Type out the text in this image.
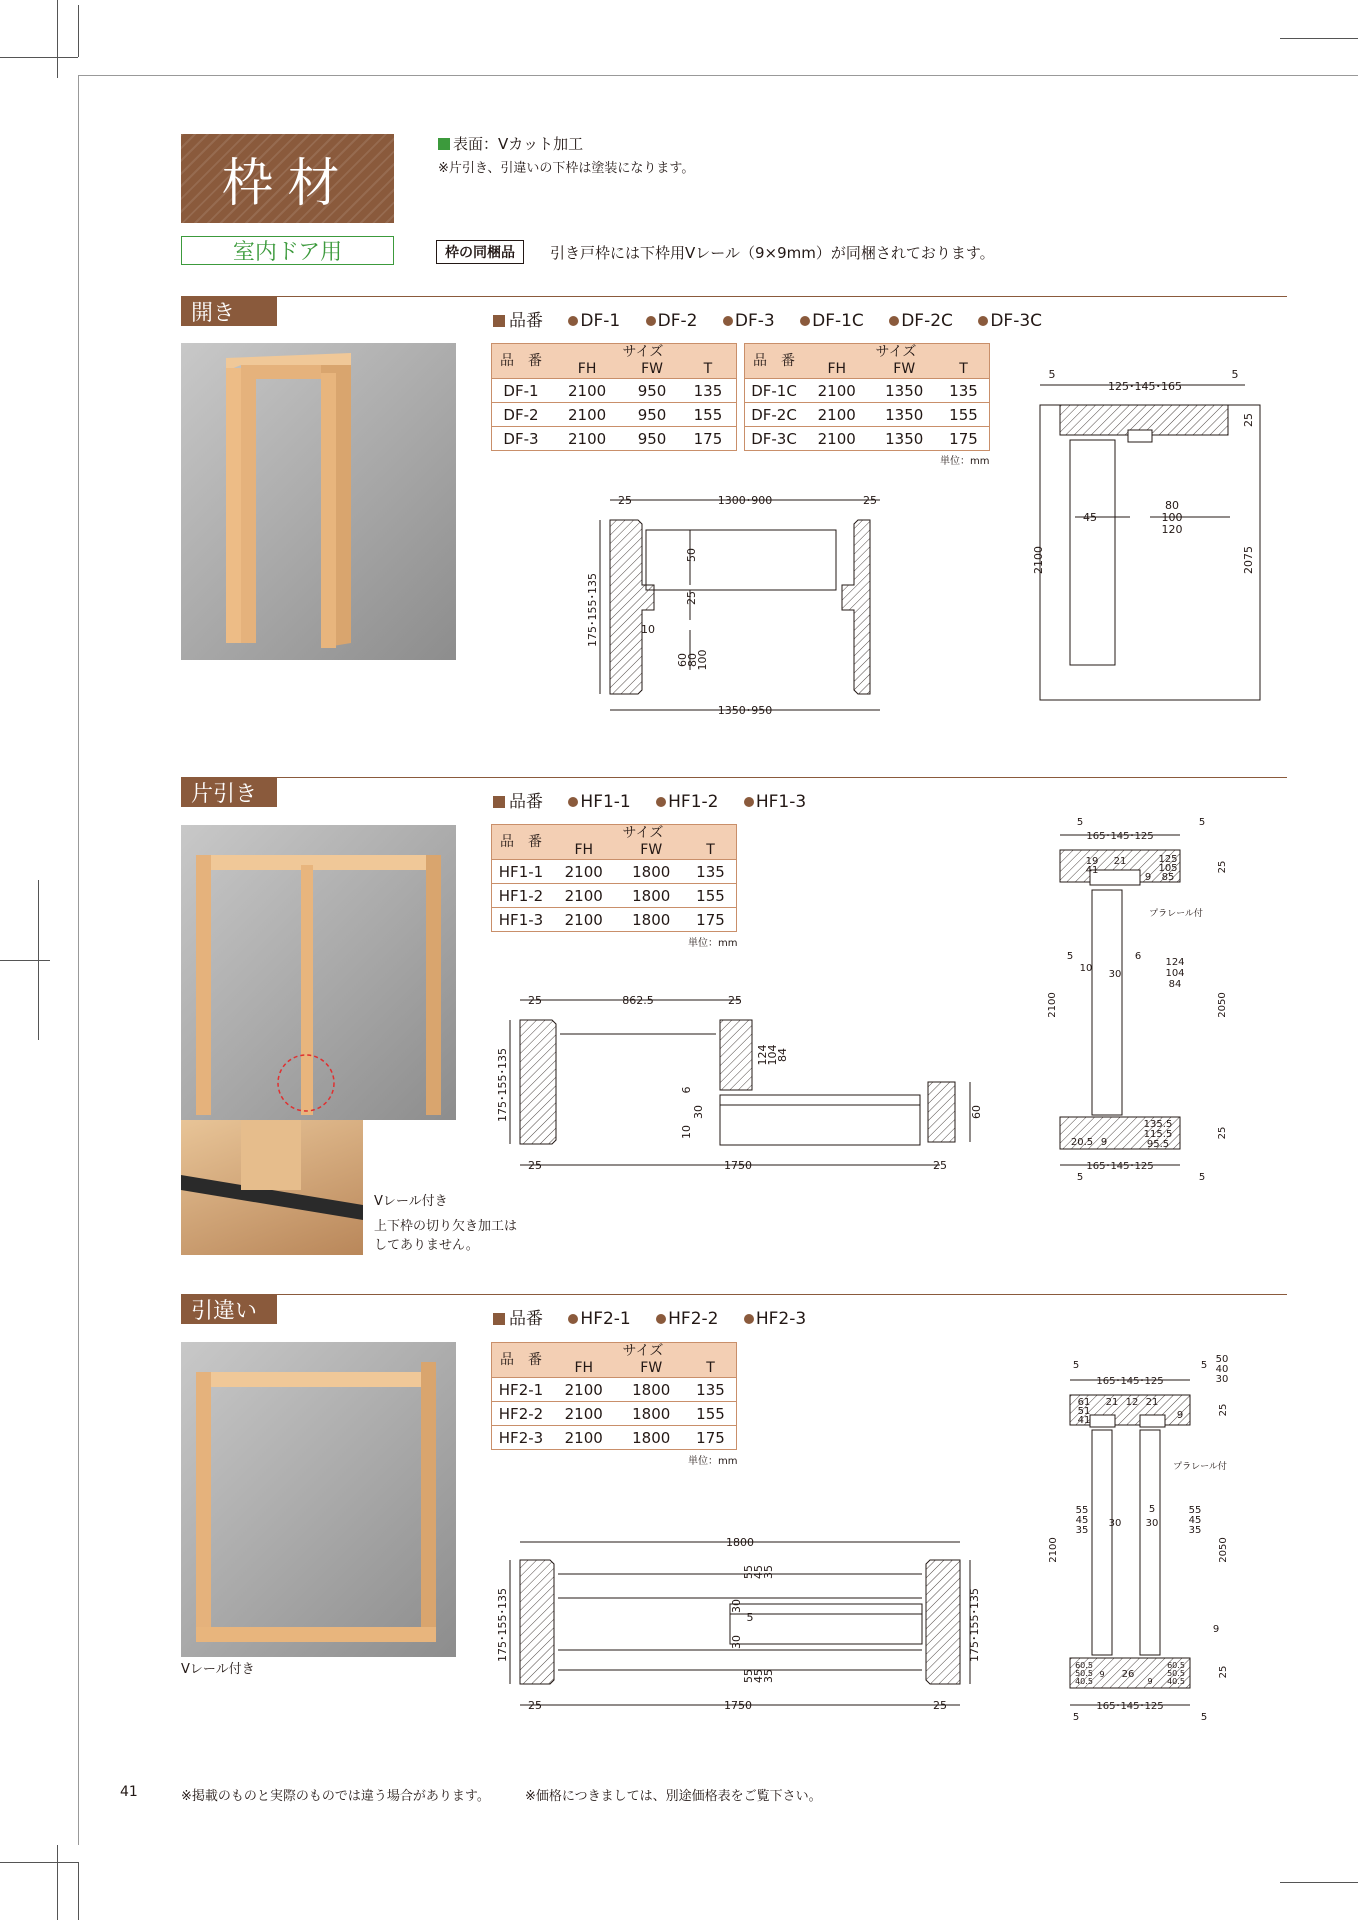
枠材
室内ドア用
表面：Vカット加工
※片引き、引違いの下枠は塗装になります。
枠の同梱品	引き戸枠には下枠用Vレール（9×9mm）が同梱されております。
開き	品番 DF-1 DF-2 DF-3 DF-1C DF-2C DF-3C
品　番	サイズ		
	FH	FW	T
DF-1	2100	950	135
DF-2	2100	950	155
DF-3	2100	950	175
品　番	サイズ		
	FH	FW	T
DF-1C	2100	1350	135
DF-2C	2100	1350	155
DF-3C	2100	1350	175
単位：mm
25	1300･900	25
1350･950
175･155･135
50
25
10
60
80
100
5
125･145･165
5
25
2100	2075
45
80
100
120
片引き	品番 HF1-1 HF1-2 HF1-3
Vレール付き
上下枠の切り欠き加工は
してありません。
品　番	サイズ		
	FH	FW	T
HF1-1	2100	1800	135
HF1-2	2100	1800	155
HF1-3	2100	1800	175
単位：mm
25	862.5	25
175･155･135	124
104
84
6
30
10
60
25	1750	25
5
165･145･125
5
19 21	125
105
85
41
9
プラレール付
5
10
30
6
124
104
84
2100	2050
25
25
135.5
115.5
95.5
20.5 9
165･145･125
5	5
引違い	品番 HF2-1 HF2-2 HF2-3
Vレール付き
品　番	サイズ		
	FH	FW	T
HF2-1	2100	1800	135
HF2-2	2100	1800	155
HF2-3	2100	1800	175
単位：mm
1800
55
45
35
30
5
30
55
45
35
175･155･135	175･155･135
25	1750	25
5
165･145･125
5
50
40
30
61
51
41
21 12 21
9
プラレール付
55
45
35
30
5
30
55
45
35
2100	2050
25
25
9
60.5
50.5
40.5
9 26
9
60.5
50.5
40.5
165･145･125
5	5
41	※掲載のものと実際のものでは違う場合があります。	※価格につきましては、別途価格表をご覧下さい。
